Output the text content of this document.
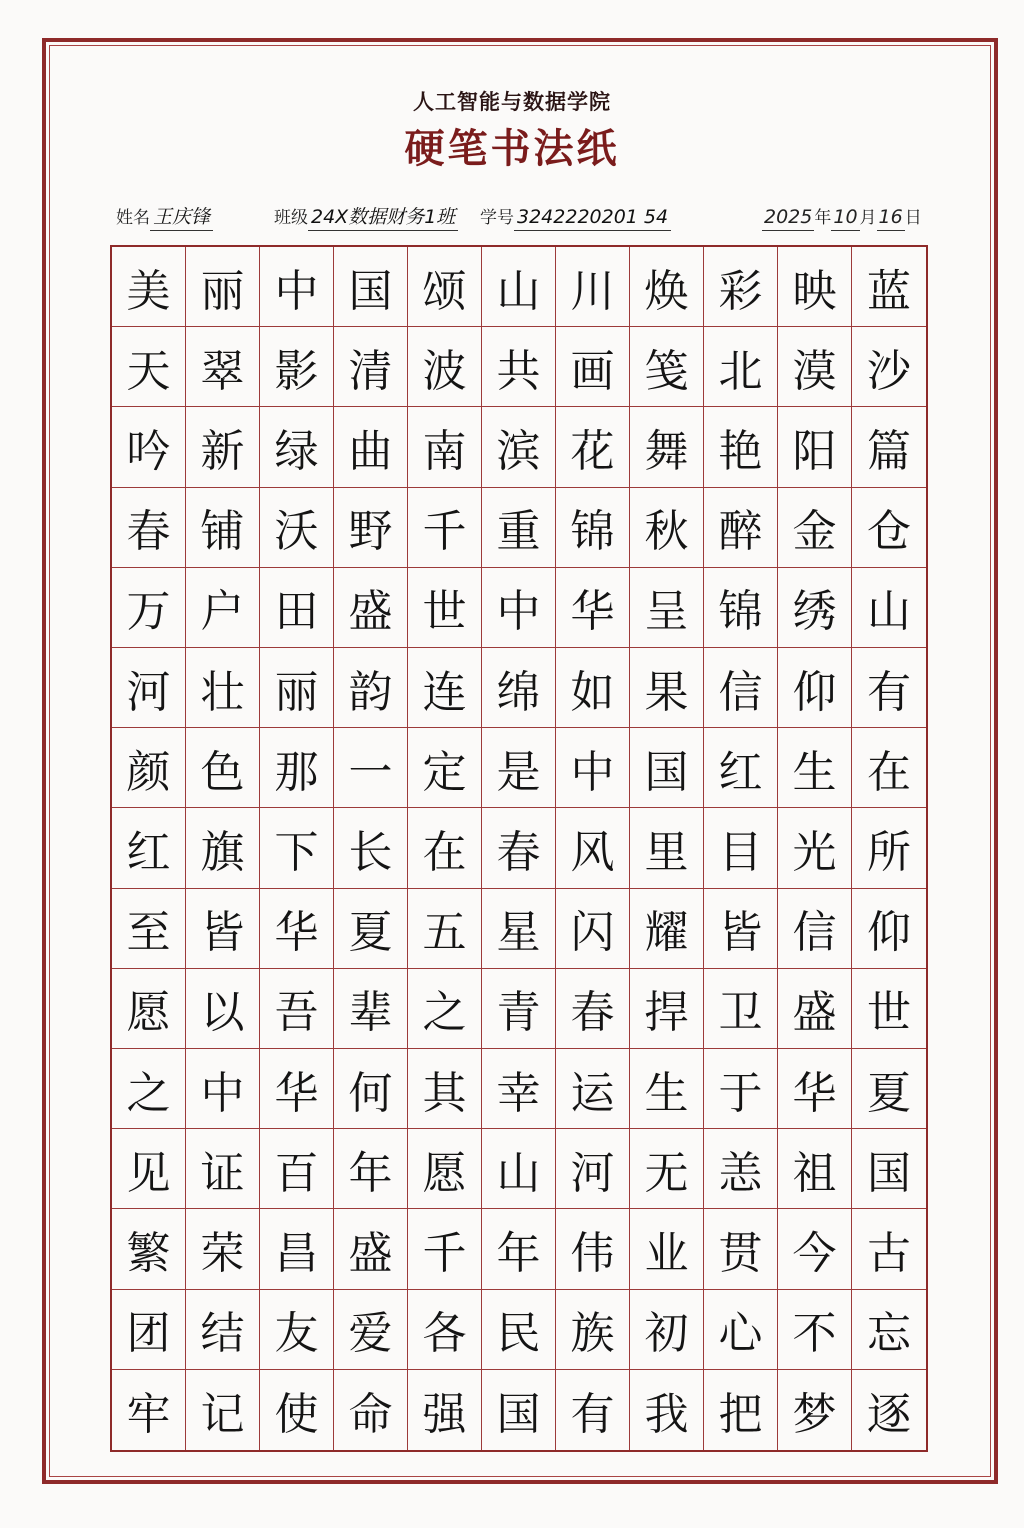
人工智能与数据学院
硬笔书法纸
姓名 王庆锋	班级 24X数据财务1班 学号 3242220201 54	2025 年 10 月 16 日
美 丽 中 国 颂 山 川 焕 彩 映 蓝
天 翠 影 清 波 共 画 笺 北 漠 沙
吟 新 绿 曲 南 滨 花 舞 艳 阳 篇
春 铺 沃 野 千 重 锦 秋 醉 金 仓
万 户 田 盛 世 中 华 呈 锦 绣 山
河 壮 丽 韵 连 绵 如 果 信 仰 有
颜 色 那 一 定 是 中 国 红 生 在
红 旗 下 长 在 春 风 里 目 光 所
至 皆 华 夏 五 星 闪 耀 皆 信 仰
愿 以 吾 辈 之 青 春 捍 卫 盛 世
之 中 华 何 其 幸 运 生 于 华 夏
见 证 百 年 愿 山 河 无 恙 祖 国
繁 荣 昌 盛 千 年 伟 业 贯 今 古
团 结 友 爱 各 民 族 初 心 不 忘
牢 记 使 命 强 国 有 我 把 梦 逐
